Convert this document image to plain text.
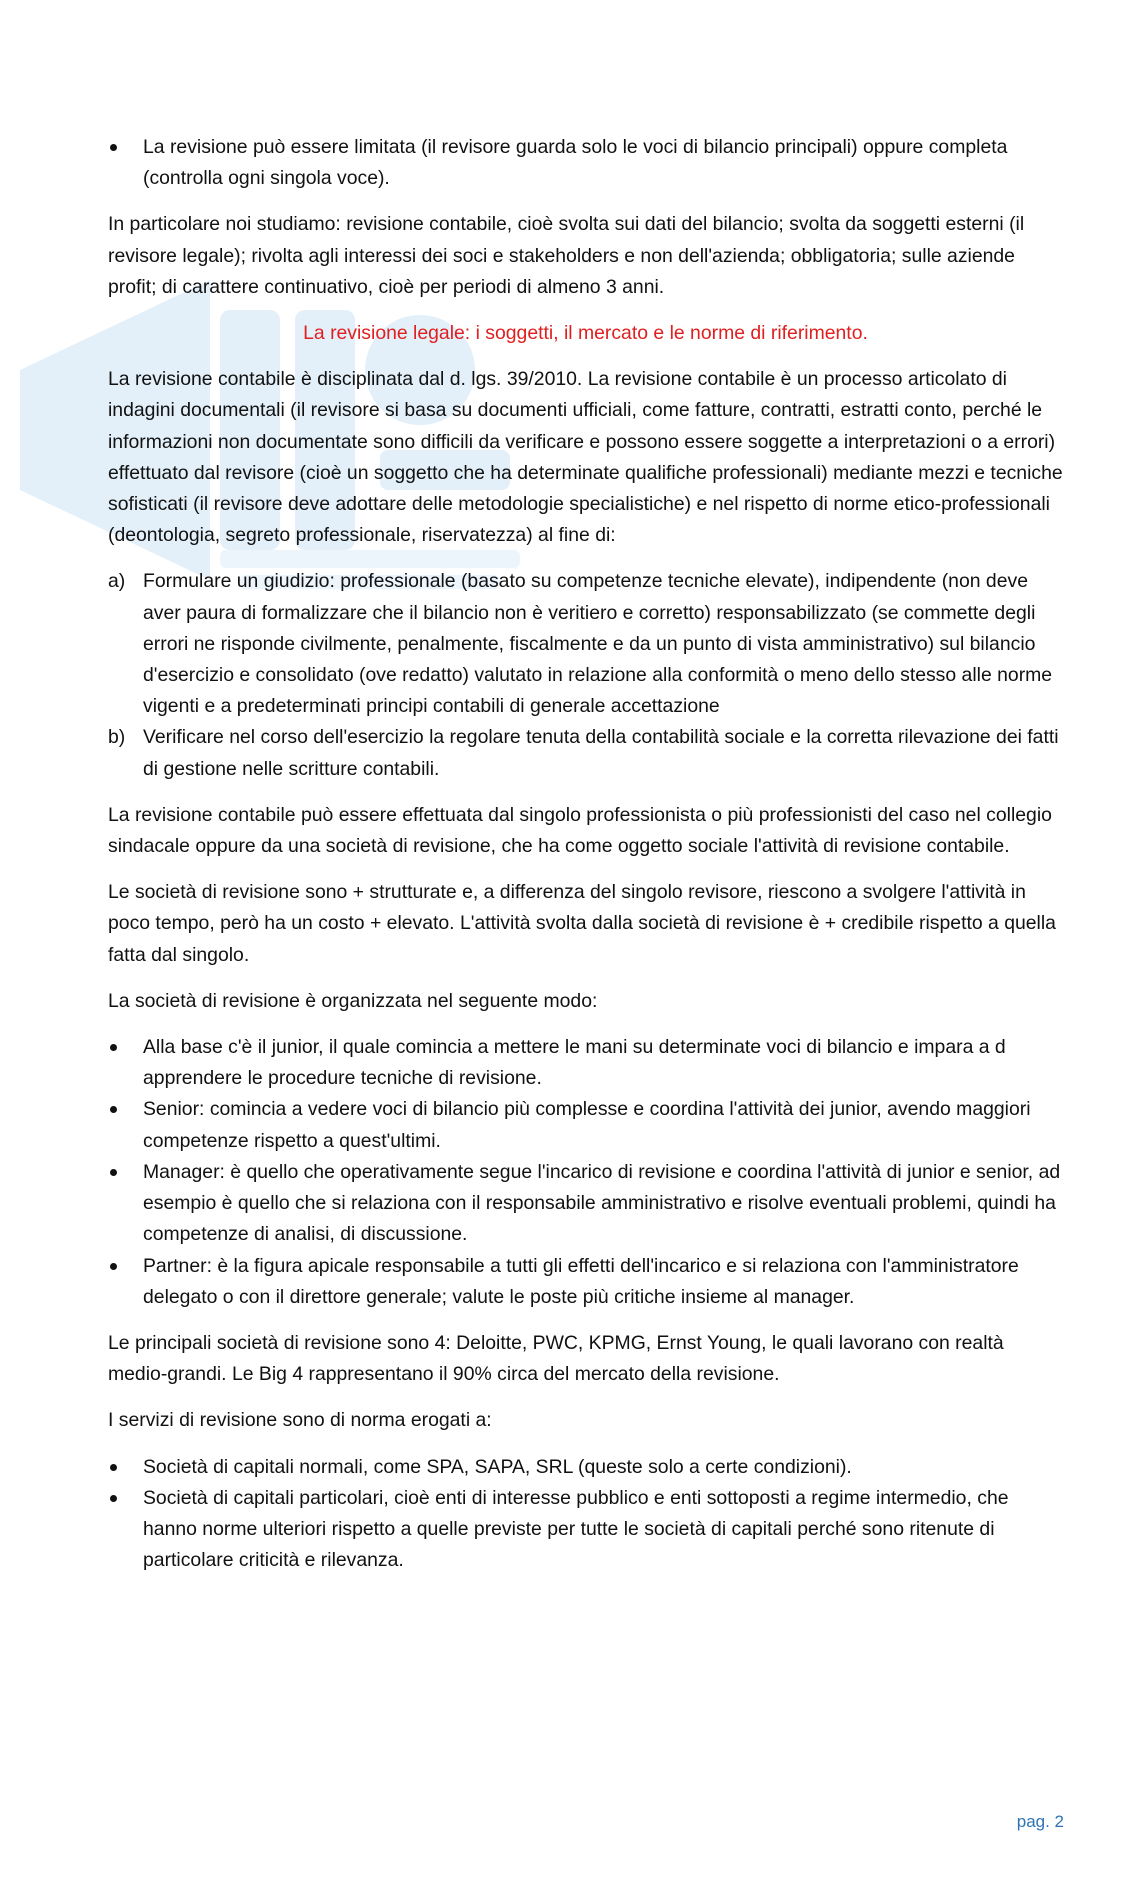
La revisione può essere limitata (il revisore guarda solo le voci di bilancio principali) oppure completa (controlla ogni singola voce).

In particolare noi studiamo: revisione contabile, cioè svolta sui dati del bilancio; svolta da soggetti esterni (il revisore legale); rivolta agli interessi dei soci e stakeholders e non dell'azienda; obbligatoria; sulle aziende profit; di carattere continuativo, cioè per periodi di almeno 3 anni.

La revisione legale: i soggetti, il mercato e le norme di riferimento.

La revisione contabile è disciplinata dal d. lgs. 39/2010. La revisione contabile è un processo articolato di indagini documentali (il revisore si basa su documenti ufficiali, come fatture, contratti, estratti conto, perché le informazioni non documentate sono difficili da verificare e possono essere soggette a interpretazioni o a errori) effettuato dal revisore (cioè un soggetto che ha determinate qualifiche professionali) mediante mezzi e tecniche sofisticati (il revisore deve adottare delle metodologie specialistiche) e nel rispetto di norme etico-professionali (deontologia, segreto professionale, riservatezza) al fine di:

a) Formulare un giudizio: professionale (basato su competenze tecniche elevate), indipendente (non deve aver paura di formalizzare che il bilancio non è veritiero e corretto) responsabilizzato (se commette degli errori ne risponde civilmente, penalmente, fiscalmente e da un punto di vista amministrativo) sul bilancio d'esercizio e consolidato (ove redatto) valutato in relazione alla conformità o meno dello stesso alle norme vigenti e a predeterminati principi contabili di generale accettazione
b) Verificare nel corso dell'esercizio la regolare tenuta della contabilità sociale e la corretta rilevazione dei fatti di gestione nelle scritture contabili.

La revisione contabile può essere effettuata dal singolo professionista o più professionisti del caso nel collegio sindacale oppure da una società di revisione, che ha come oggetto sociale l'attività di revisione contabile.

Le società di revisione sono + strutturate e, a differenza del singolo revisore, riescono a svolgere l'attività in poco tempo, però ha un costo + elevato. L'attività svolta dalla società di revisione è + credibile rispetto a quella fatta dal singolo.

La società di revisione è organizzata nel seguente modo:

Alla base c'è il junior, il quale comincia a mettere le mani su determinate voci di bilancio e impara a d apprendere le procedure tecniche di revisione.
Senior: comincia a vedere voci di bilancio più complesse e coordina l'attività dei junior, avendo maggiori competenze rispetto a quest'ultimi.
Manager: è quello che operativamente segue l'incarico di revisione e coordina l'attività di junior e senior, ad esempio è quello che si relaziona con il responsabile amministrativo e risolve eventuali problemi, quindi ha competenze di analisi, di discussione.
Partner: è la figura apicale responsabile a tutti gli effetti dell'incarico e si relaziona con l'amministratore delegato o con il direttore generale; valute le poste più critiche insieme al manager.

Le principali società di revisione sono 4: Deloitte, PWC, KPMG, Ernst Young, le quali lavorano con realtà medio-grandi. Le Big 4 rappresentano il 90% circa del mercato della revisione.

I servizi di revisione sono di norma erogati a:

Società di capitali normali, come SPA, SAPA, SRL (queste solo a certe condizioni).
Società di capitali particolari, cioè enti di interesse pubblico e enti sottoposti a regime intermedio, che hanno norme ulteriori rispetto a quelle previste per tutte le società di capitali perché sono ritenute di particolare criticità e rilevanza.
pag. 2
